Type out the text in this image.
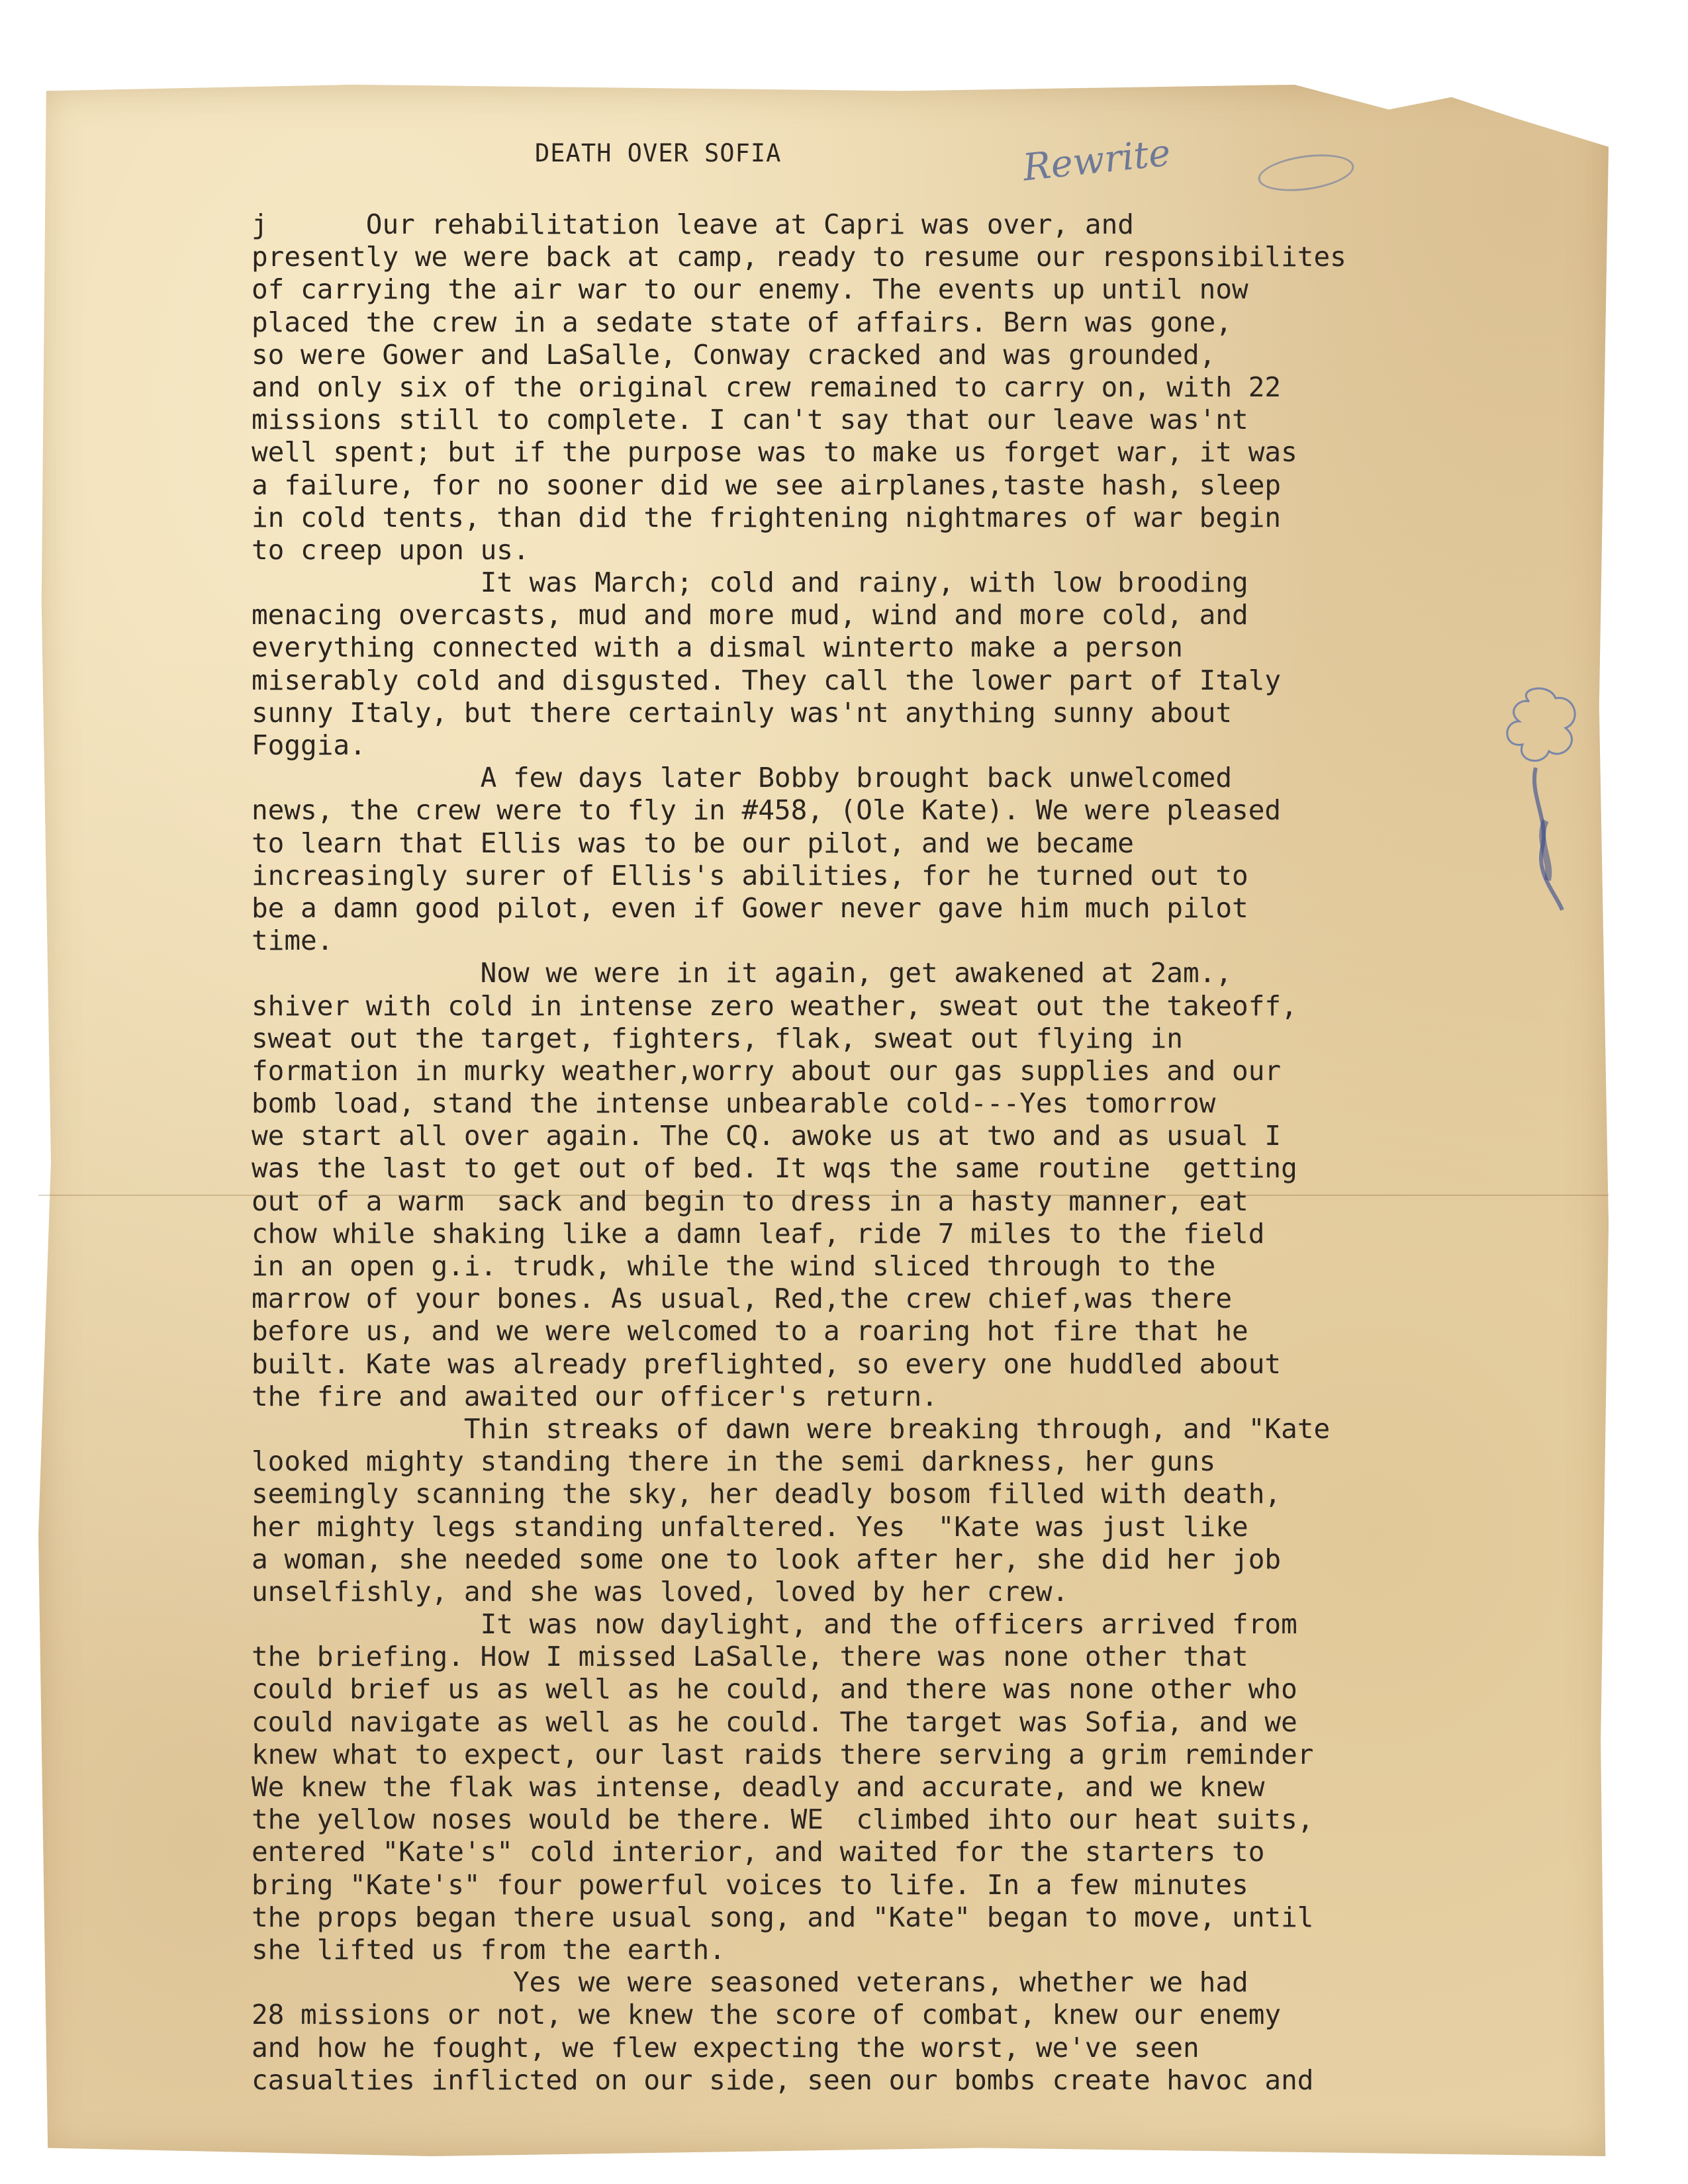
DEATH OVER SOFIA	Rewrite
j      Our rehabilitation leave at Capri was over, and
presently we were back at camp, ready to resume our responsibilites
of carrying the air war to our enemy. The events up until now
placed the crew in a sedate state of affairs. Bern was gone,
so were Gower and LaSalle, Conway cracked and was grounded,
and only six of the original crew remained to carry on, with 22
missions still to complete. I can't say that our leave was'nt
well spent; but if the purpose was to make us forget war, it was
a failure, for no sooner did we see airplanes,taste hash, sleep
in cold tents, than did the frightening nightmares of war begin
to creep upon us.
It was March; cold and rainy, with low brooding
menacing overcasts, mud and more mud, wind and more cold, and
everything connected with a dismal winterto make a person
miserably cold and disgusted. They call the lower part of Italy
sunny Italy, but there certainly was'nt anything sunny about
Foggia.
A few days later Bobby brought back unwelcomed
news, the crew were to fly in #458, (Ole Kate). We were pleased
to learn that Ellis was to be our pilot, and we became
increasingly surer of Ellis's abilities, for he turned out to
be a damn good pilot, even if Gower never gave him much pilot
time.
Now we were in it again, get awakened at 2am.,
shiver with cold in intense zero weather, sweat out the takeoff,
sweat out the target, fighters, flak, sweat out flying in
formation in murky weather,worry about our gas supplies and our
bomb load, stand the intense unbearable cold---Yes tomorrow
we start all over again. The CQ. awoke us at two and as usual I
was the last to get out of bed. It wqs the same routine  getting
out of a warm  sack and begin to dress in a hasty manner, eat
chow while shaking like a damn leaf, ride 7 miles to the field
in an open g.i. trudk, while the wind sliced through to the
marrow of your bones. As usual, Red,the crew chief,was there
before us, and we were welcomed to a roaring hot fire that he
built. Kate was already preflighted, so every one huddled about
the fire and awaited our officer's return.
Thin streaks of dawn were breaking through, and "Kate
looked mighty standing there in the semi darkness, her guns
seemingly scanning the sky, her deadly bosom filled with death,
her mighty legs standing unfaltered. Yes  "Kate was just like
a woman, she needed some one to look after her, she did her job
unselfishly, and she was loved, loved by her crew.
It was now daylight, and the officers arrived from
the briefing. How I missed LaSalle, there was none other that
could brief us as well as he could, and there was none other who
could navigate as well as he could. The target was Sofia, and we
knew what to expect, our last raids there serving a grim reminder
We knew the flak was intense, deadly and accurate, and we knew
the yellow noses would be there. WE  climbed ihto our heat suits,
entered "Kate's" cold interior, and waited for the starters to
bring "Kate's" four powerful voices to life. In a few minutes
the props began there usual song, and "Kate" began to move, until
she lifted us from the earth.
Yes we were seasoned veterans, whether we had
28 missions or not, we knew the score of combat, knew our enemy
and how he fought, we flew expecting the worst, we've seen
casualties inflicted on our side, seen our bombs create havoc and
